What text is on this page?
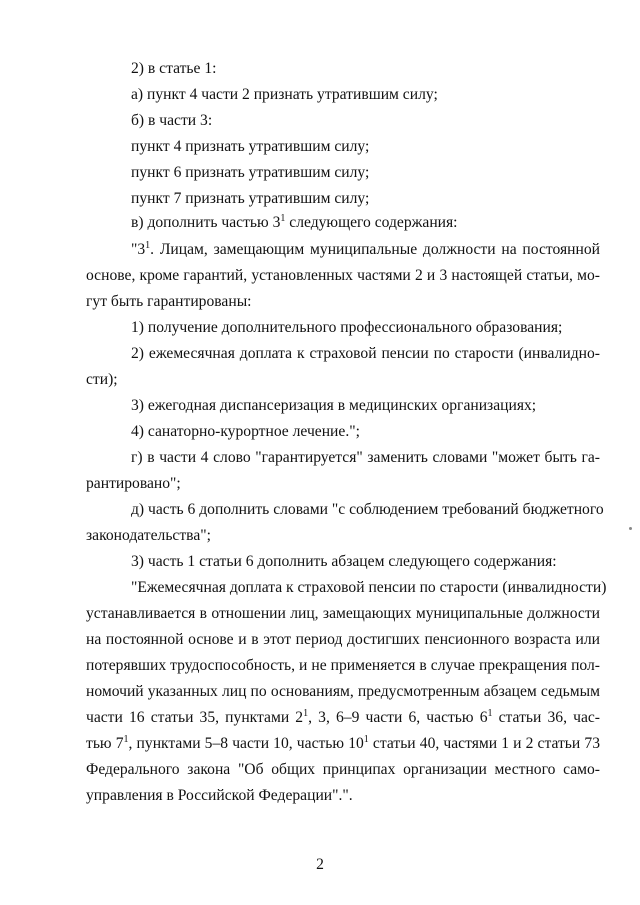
2) в статье 1:
а) пункт 4 части 2 признать утратившим силу;
б) в части 3:
пункт 4 признать утратившим силу;
пункт 6 признать утратившим силу;
пункт 7 признать утратившим силу;
в) дополнить частью $3^1$ следующего содержания:
"$3^1$. Лицам, замещающим муниципальные должности на постоянной
основе, кроме гарантий, установленных частями 2 и 3 настоящей статьи, мо-
гут быть гарантированы:
1) получение дополнительного профессионального образования;
2) ежемесячная доплата к страховой пенсии по старости (инвалидно-
сти);
3) ежегодная диспансеризация в медицинских организациях;
4) санаторно-курортное лечение.";
г) в части 4 слово "гарантируется" заменить словами "может быть га-
рантировано";
д) часть 6 дополнить словами "с соблюдением требований бюджетного
законодательства";
3) часть 1 статьи 6 дополнить абзацем следующего содержания:
"Ежемесячная доплата к страховой пенсии по старости (инвалидности)
устанавливается в отношении лиц, замещающих муниципальные должности
на постоянной основе и в этот период достигших пенсионного возраста или
потерявших трудоспособность, и не применяется в случае прекращения пол-
номочий указанных лиц по основаниям, предусмотренным абзацем седьмым
части 16 статьи 35, пунктами $2^1$, 3, 6–9 части 6, частью $6^1$ статьи 36, час-
тью $7^1$, пунктами 5–8 части 10, частью $10^1$ статьи 40, частями 1 и 2 статьи 73
Федерального закона "Об общих принципах организации местного само-
управления в Российской Федерации".".
2
